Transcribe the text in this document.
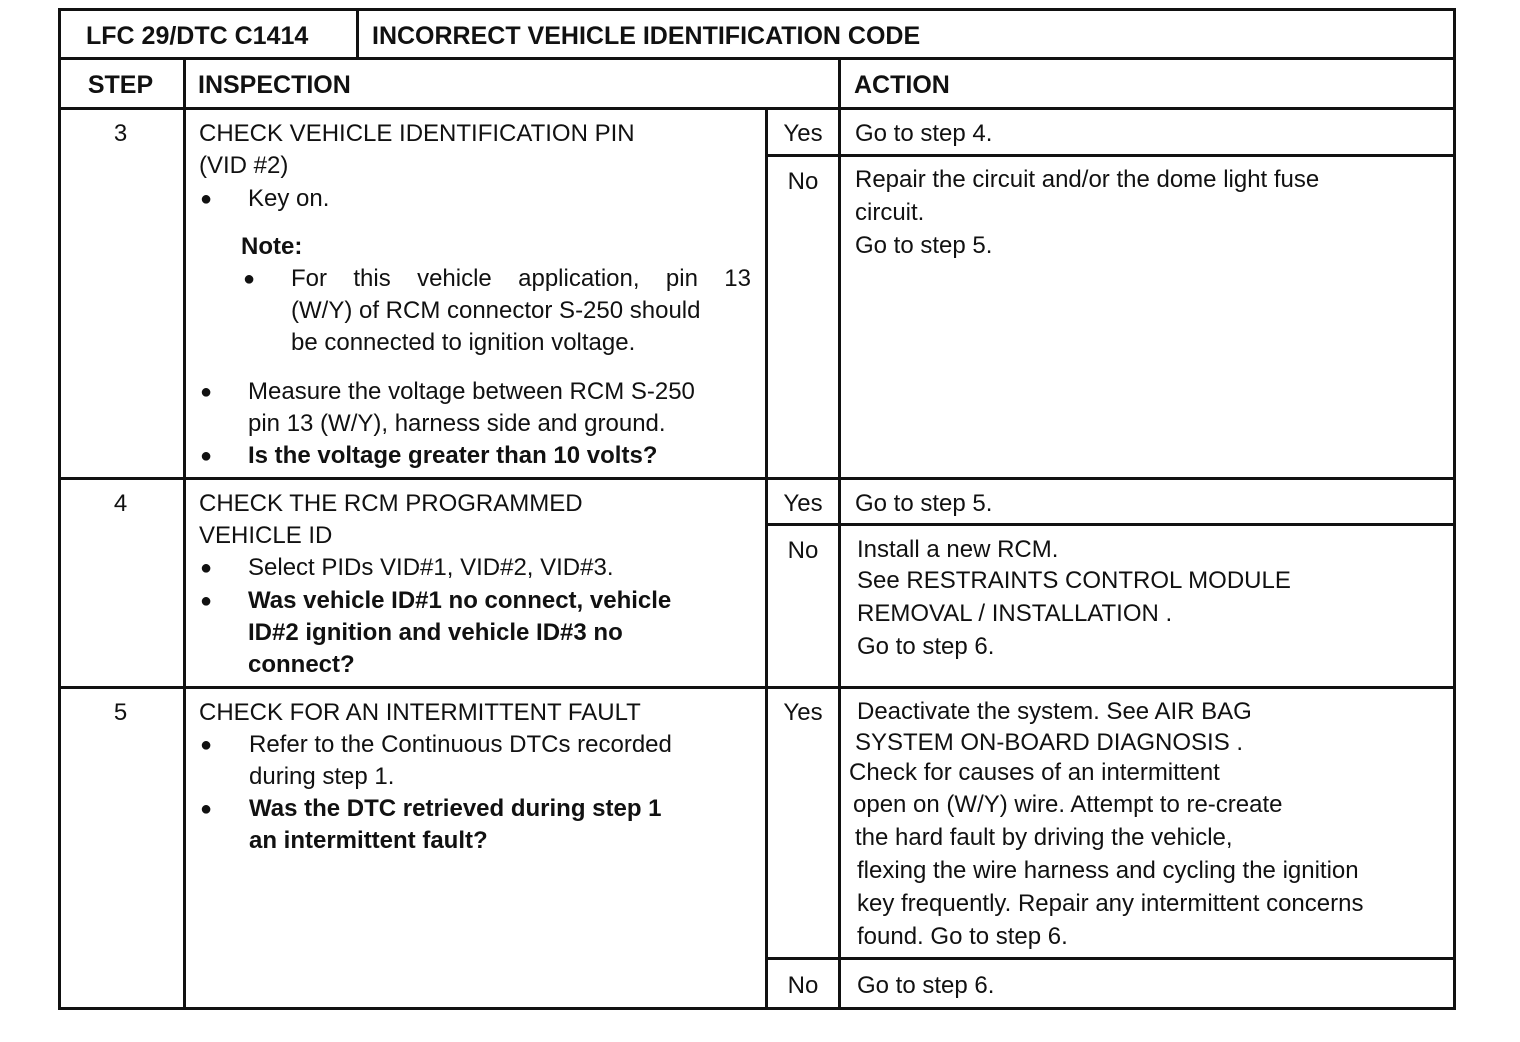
LFC 29/DTC C1414	INCORRECT VEHICLE IDENTIFICATION CODE
STEP	INSPECTION	ACTION
3	CHECK VEHICLE IDENTIFICATION PIN
(VID #2)
● Key on.
Note:
● For this vehicle application, pin 13
(W/Y) of RCM connector S-250 should
be connected to ignition voltage.
● Measure the voltage between RCM S-250
pin 13 (W/Y), harness side and ground.
● Is the voltage greater than 10 volts?
Yes	Go to step 4.
No	Repair the circuit and/or the dome light fuse
circuit.
Go to step 5.
4	CHECK THE RCM PROGRAMMED
VEHICLE ID
● Select PIDs VID#1, VID#2, VID#3.
● Was vehicle ID#1 no connect, vehicle
ID#2 ignition and vehicle ID#3 no
connect?
Yes	Go to step 5.
No	Install a new RCM.
See RESTRAINTS CONTROL MODULE
REMOVAL / INSTALLATION .
Go to step 6.
5	CHECK FOR AN INTERMITTENT FAULT
● Refer to the Continuous DTCs recorded
during step 1.
● Was the DTC retrieved during step 1
an intermittent fault?
Yes	Deactivate the system. See AIR BAG
SYSTEM ON-BOARD DIAGNOSIS .
Check for causes of an intermittent
open on (W/Y) wire. Attempt to re-create
the hard fault by driving the vehicle,
flexing the wire harness and cycling the ignition
key frequently. Repair any intermittent concerns
found. Go to step 6.
No	Go to step 6.
